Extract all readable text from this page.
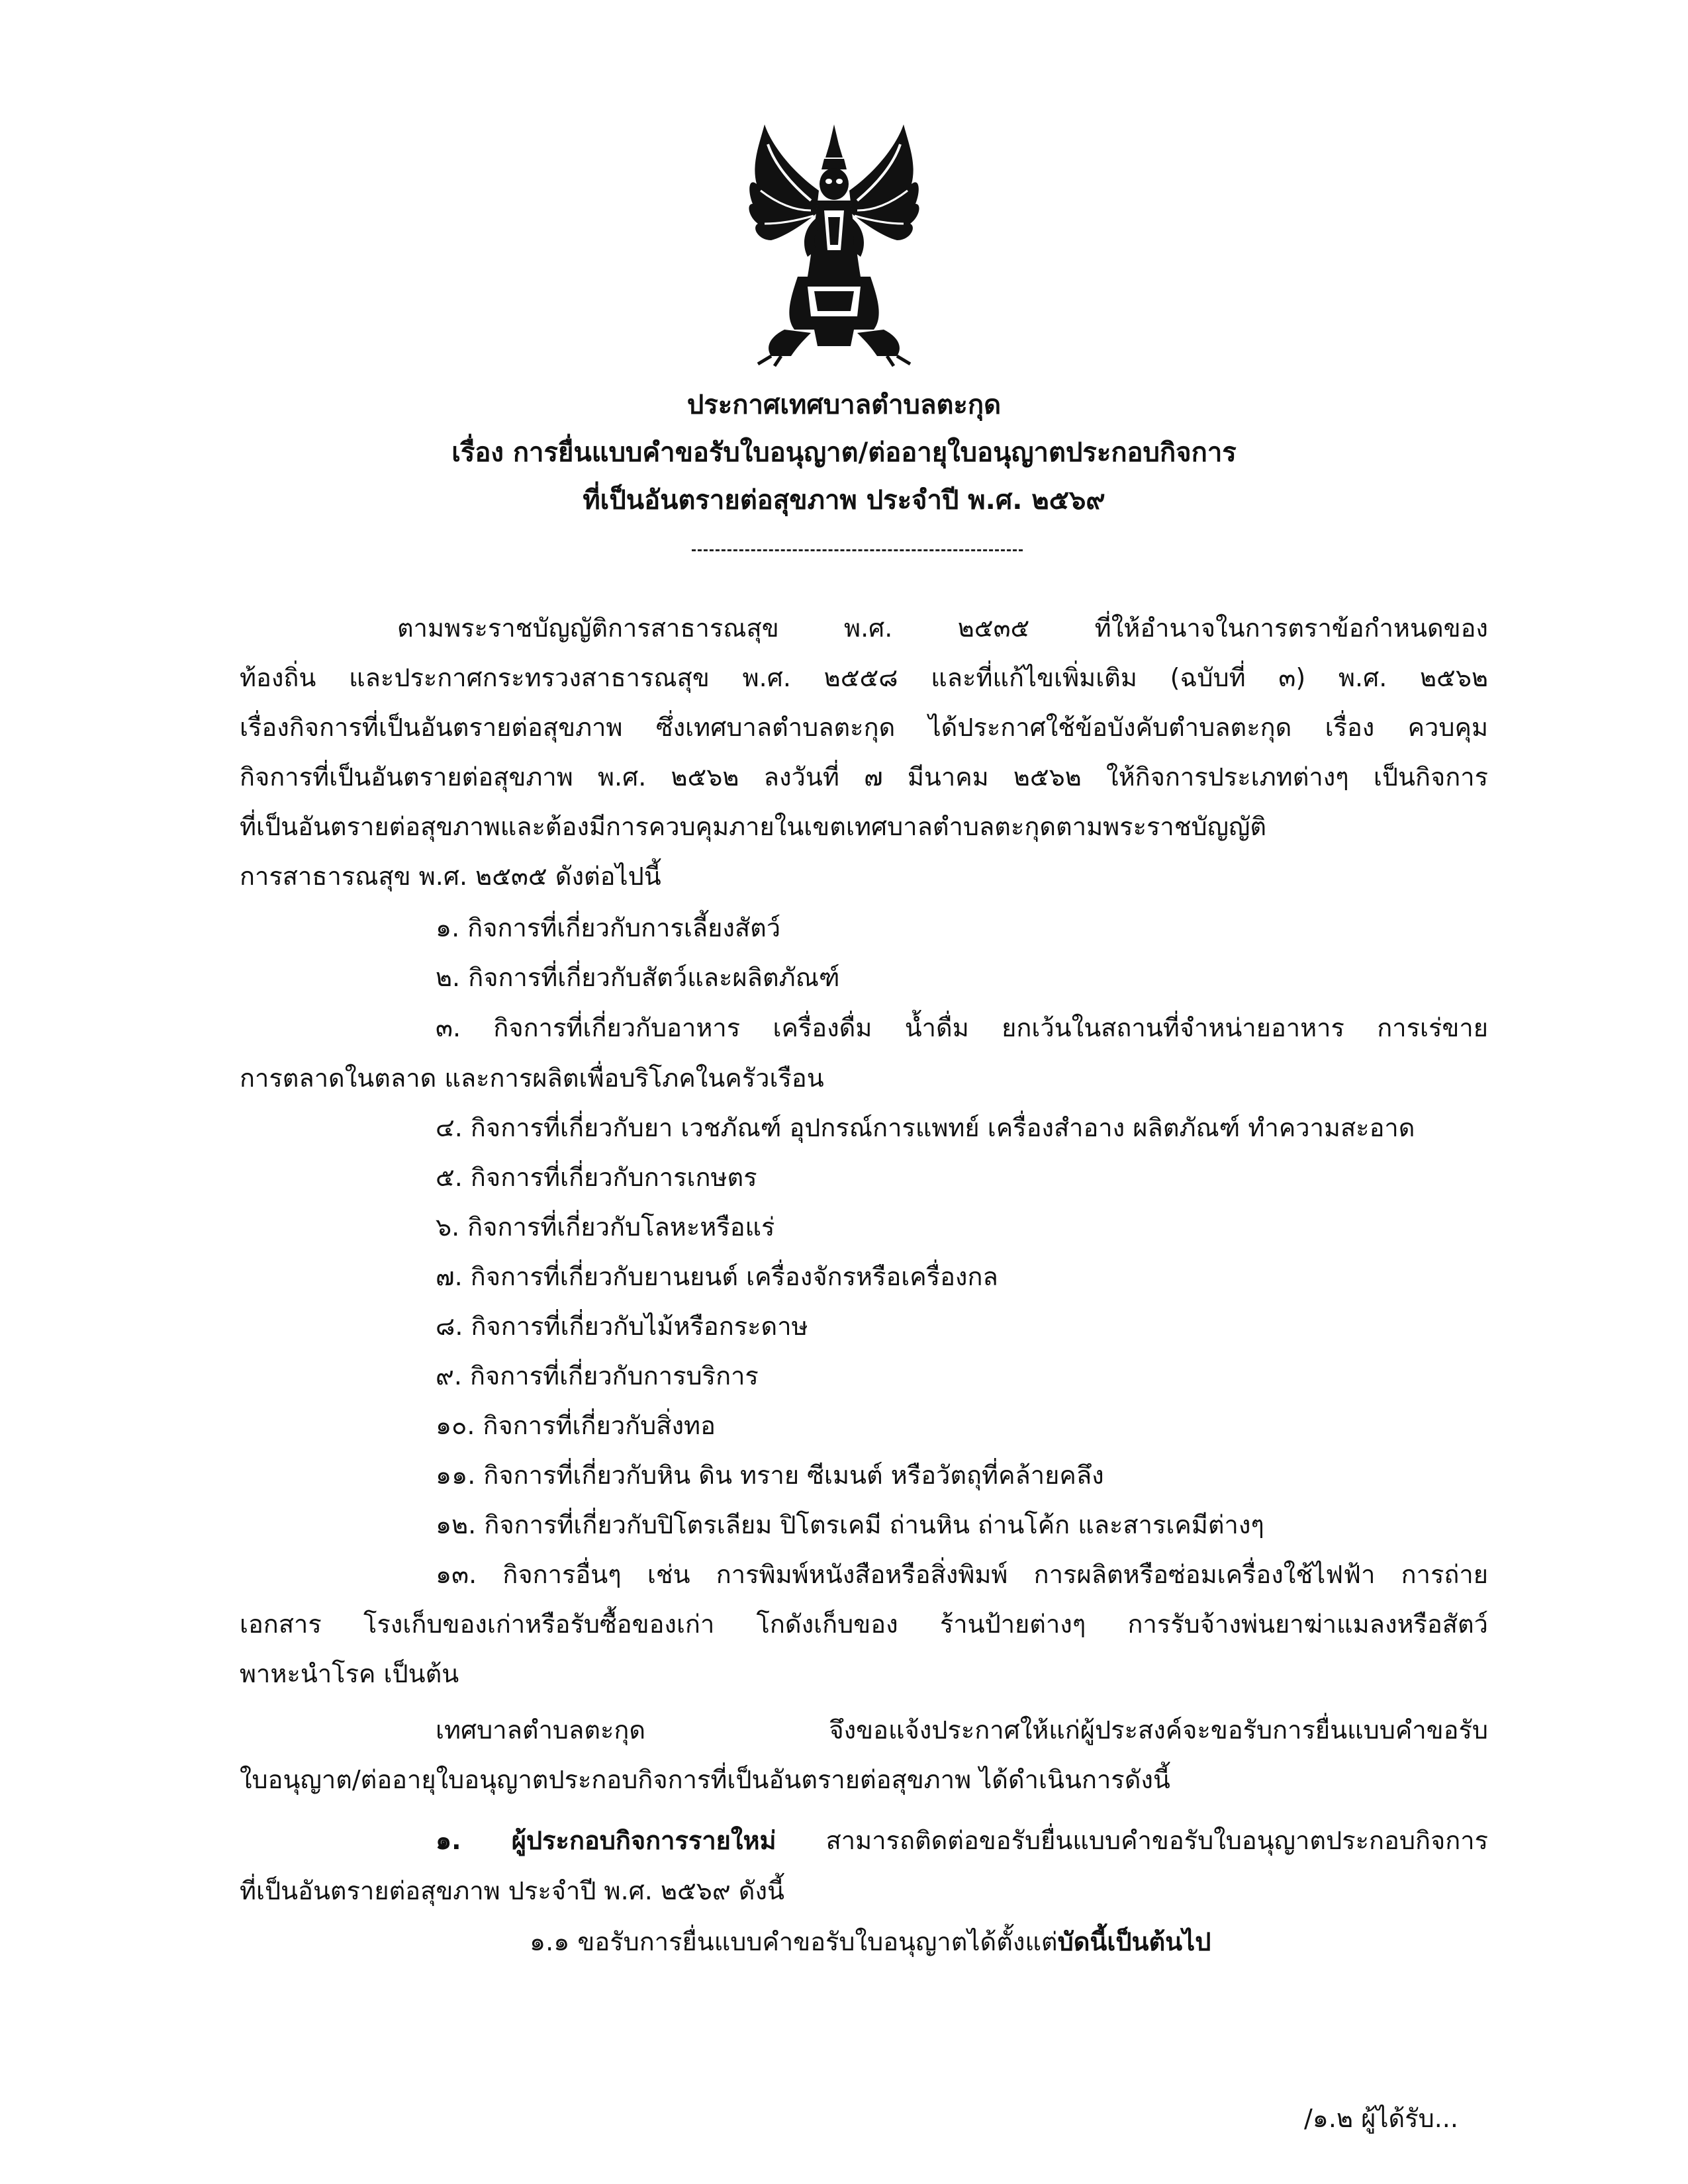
ประกาศเทศบาลตำบลตะกุด
เรื่อง การยื่นแบบคำขอรับใบอนุญาต/ต่ออายุใบอนุญาตประกอบกิจการ
ที่เป็นอันตรายต่อสุขภาพ ประจำปี พ.ศ. ๒๕๖๙
ตามพระราชบัญญัติการสาธารณสุข พ.ศ. ๒๕๓๕ ที่ให้อำนาจในการตราข้อกำหนดของ
ท้องถิ่น และประกาศกระทรวงสาธารณสุข พ.ศ. ๒๕๕๘ และที่แก้ไขเพิ่มเติม (ฉบับที่ ๓) พ.ศ. ๒๕๖๒
เรื่องกิจการที่เป็นอันตรายต่อสุขภาพ ซึ่งเทศบาลตำบลตะกุด ได้ประกาศใช้ข้อบังคับตำบลตะกุด เรื่อง ควบคุม
กิจการที่เป็นอันตรายต่อสุขภาพ พ.ศ. ๒๕๖๒ ลงวันที่ ๗ มีนาคม ๒๕๖๒ ให้กิจการประเภทต่างๆ เป็นกิจการ
ที่เป็นอันตรายต่อสุขภาพและต้องมีการควบคุมภายในเขตเทศบาลตำบลตะกุดตามพระราชบัญญัติ
การสาธารณสุข พ.ศ. ๒๕๓๕ ดังต่อไปนี้
๑. กิจการที่เกี่ยวกับการเลี้ยงสัตว์
๒. กิจการที่เกี่ยวกับสัตว์และผลิตภัณฑ์
๓. กิจการที่เกี่ยวกับอาหาร เครื่องดื่ม น้ำดื่ม ยกเว้นในสถานที่จำหน่ายอาหาร การเร่ขาย
การตลาดในตลาด และการผลิตเพื่อบริโภคในครัวเรือน
๔. กิจการที่เกี่ยวกับยา เวชภัณฑ์ อุปกรณ์การแพทย์ เครื่องสำอาง ผลิตภัณฑ์ ทำความสะอาด
๕. กิจการที่เกี่ยวกับการเกษตร
๖. กิจการที่เกี่ยวกับโลหะหรือแร่
๗. กิจการที่เกี่ยวกับยานยนต์ เครื่องจักรหรือเครื่องกล
๘. กิจการที่เกี่ยวกับไม้หรือกระดาษ
๙. กิจการที่เกี่ยวกับการบริการ
๑๐. กิจการที่เกี่ยวกับสิ่งทอ
๑๑. กิจการที่เกี่ยวกับหิน ดิน ทราย ซีเมนต์ หรือวัตถุที่คล้ายคลึง
๑๒. กิจการที่เกี่ยวกับปิโตรเลียม ปิโตรเคมี ถ่านหิน ถ่านโค้ก และสารเคมีต่างๆ
๑๓. กิจการอื่นๆ เช่น การพิมพ์หนังสือหรือสิ่งพิมพ์ การผลิตหรือซ่อมเครื่องใช้ไฟฟ้า การถ่าย
เอกสาร โรงเก็บของเก่าหรือรับซื้อของเก่า โกดังเก็บของ ร้านป้ายต่างๆ การรับจ้างพ่นยาฆ่าแมลงหรือสัตว์
พาหะนำโรค เป็นต้น
เทศบาลตำบลตะกุด จึงขอแจ้งประกาศให้แก่ผู้ประสงค์จะขอรับการยื่นแบบคำขอรับ
ใบอนุญาต/ต่ออายุใบอนุญาตประกอบกิจการที่เป็นอันตรายต่อสุขภาพ ได้ดำเนินการดังนี้
๑. ผู้ประกอบกิจการรายใหม่ สามารถติดต่อขอรับยื่นแบบคำขอรับใบอนุญาตประกอบกิจการ
ที่เป็นอันตรายต่อสุขภาพ ประจำปี พ.ศ. ๒๕๖๙ ดังนี้
๑.๑ ขอรับการยื่นแบบคำขอรับใบอนุญาตได้ตั้งแต่บัดนี้เป็นต้นไป
/๑.๒ ผู้ได้รับ...
